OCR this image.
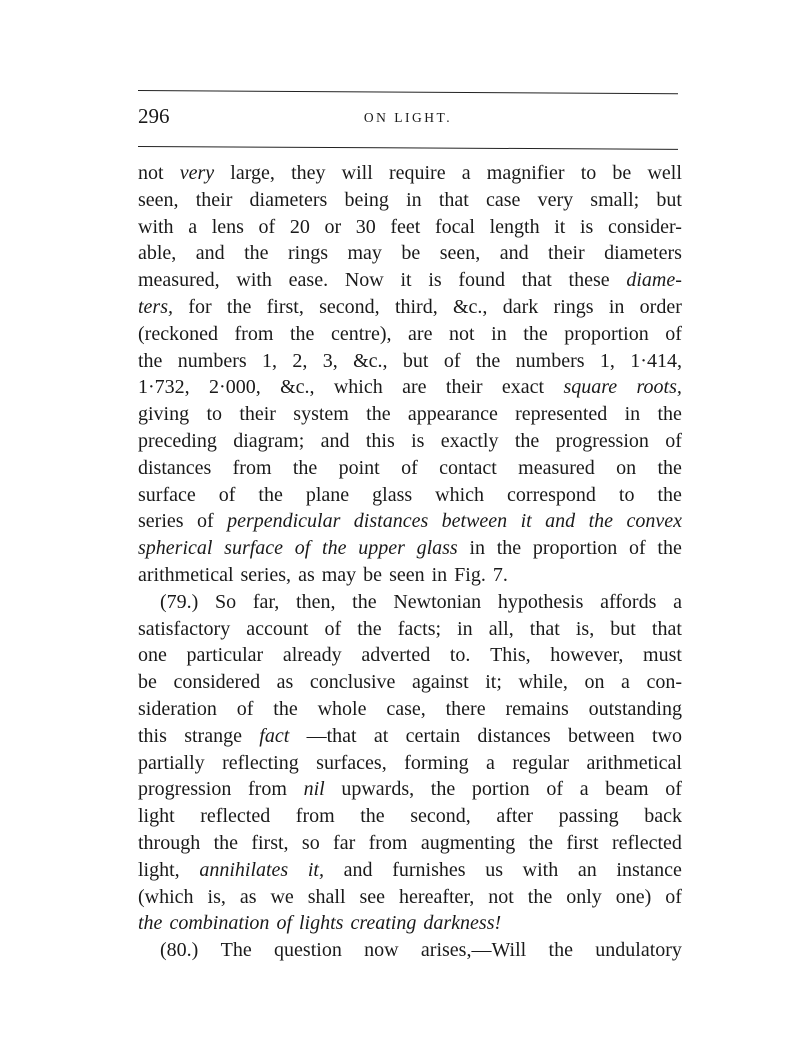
296	ON LIGHT.
not very large, they will require a magnifier to be well
seen, their diameters being in that case very small; but
with a lens of 20 or 30 feet focal length it is consider-
able, and the rings may be seen, and their diameters
measured, with ease. Now it is found that these diame-
ters, for the first, second, third, &c., dark rings in order
(reckoned from the centre), are not in the proportion of
the numbers 1, 2, 3, &c., but of the numbers 1, 1·414,
1·732, 2·000, &c., which are their exact square roots,
giving to their system the appearance represented in the
preceding diagram; and this is exactly the progression of
distances from the point of contact measured on the
surface of the plane glass which correspond to the
series of perpendicular distances between it and the convex
spherical surface of the upper glass in the proportion of the
arithmetical series, as may be seen in Fig. 7.
(79.) So far, then, the Newtonian hypothesis affords a
satisfactory account of the facts; in all, that is, but that
one particular already adverted to. This, however, must
be considered as conclusive against it; while, on a con-
sideration of the whole case, there remains outstanding
this strange fact —that at certain distances between two
partially reflecting surfaces, forming a regular arithmetical
progression from nil upwards, the portion of a beam of
light reflected from the second, after passing back
through the first, so far from augmenting the first reflected
light, annihilates it, and furnishes us with an instance
(which is, as we shall see hereafter, not the only one) of
the combination of lights creating darkness!
(80.) The question now arises,—Will the undulatory
